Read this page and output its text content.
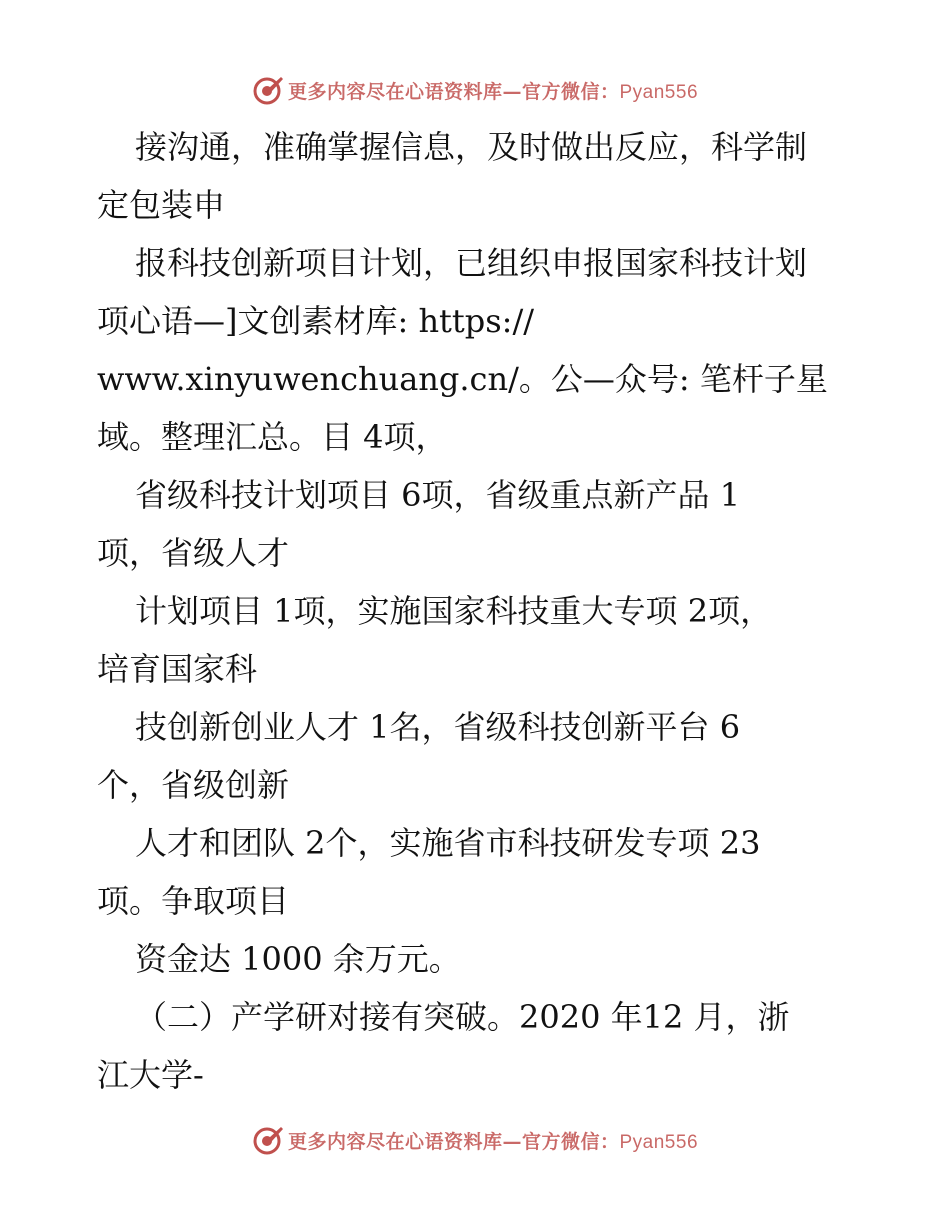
更多内容尽在心语资料库—官方微信：Pyan556
接沟通，准确掌握信息，及时做出反应，科学制
定包装申
报科技创新项目计划，已组织申报国家科技计划
项心语—]文创素材库: https://
www.xinyuwenchuang.cn/。公—众号: 笔杆子星
域。整理汇总。目 4项，
省级科技计划项目 6项，省级重点新产品 1
项，省级人才
计划项目 1项，实施国家科技重大专项 2项，
培育国家科
技创新创业人才 1名，省级科技创新平台 6
个，省级创新
人才和团队 2个，实施省市科技研发专项 23
项。争取项目
资金达 1000 余万元。
（二）产学研对接有突破。2020 年12 月，浙
江大学-
更多内容尽在心语资料库—官方微信：Pyan556
